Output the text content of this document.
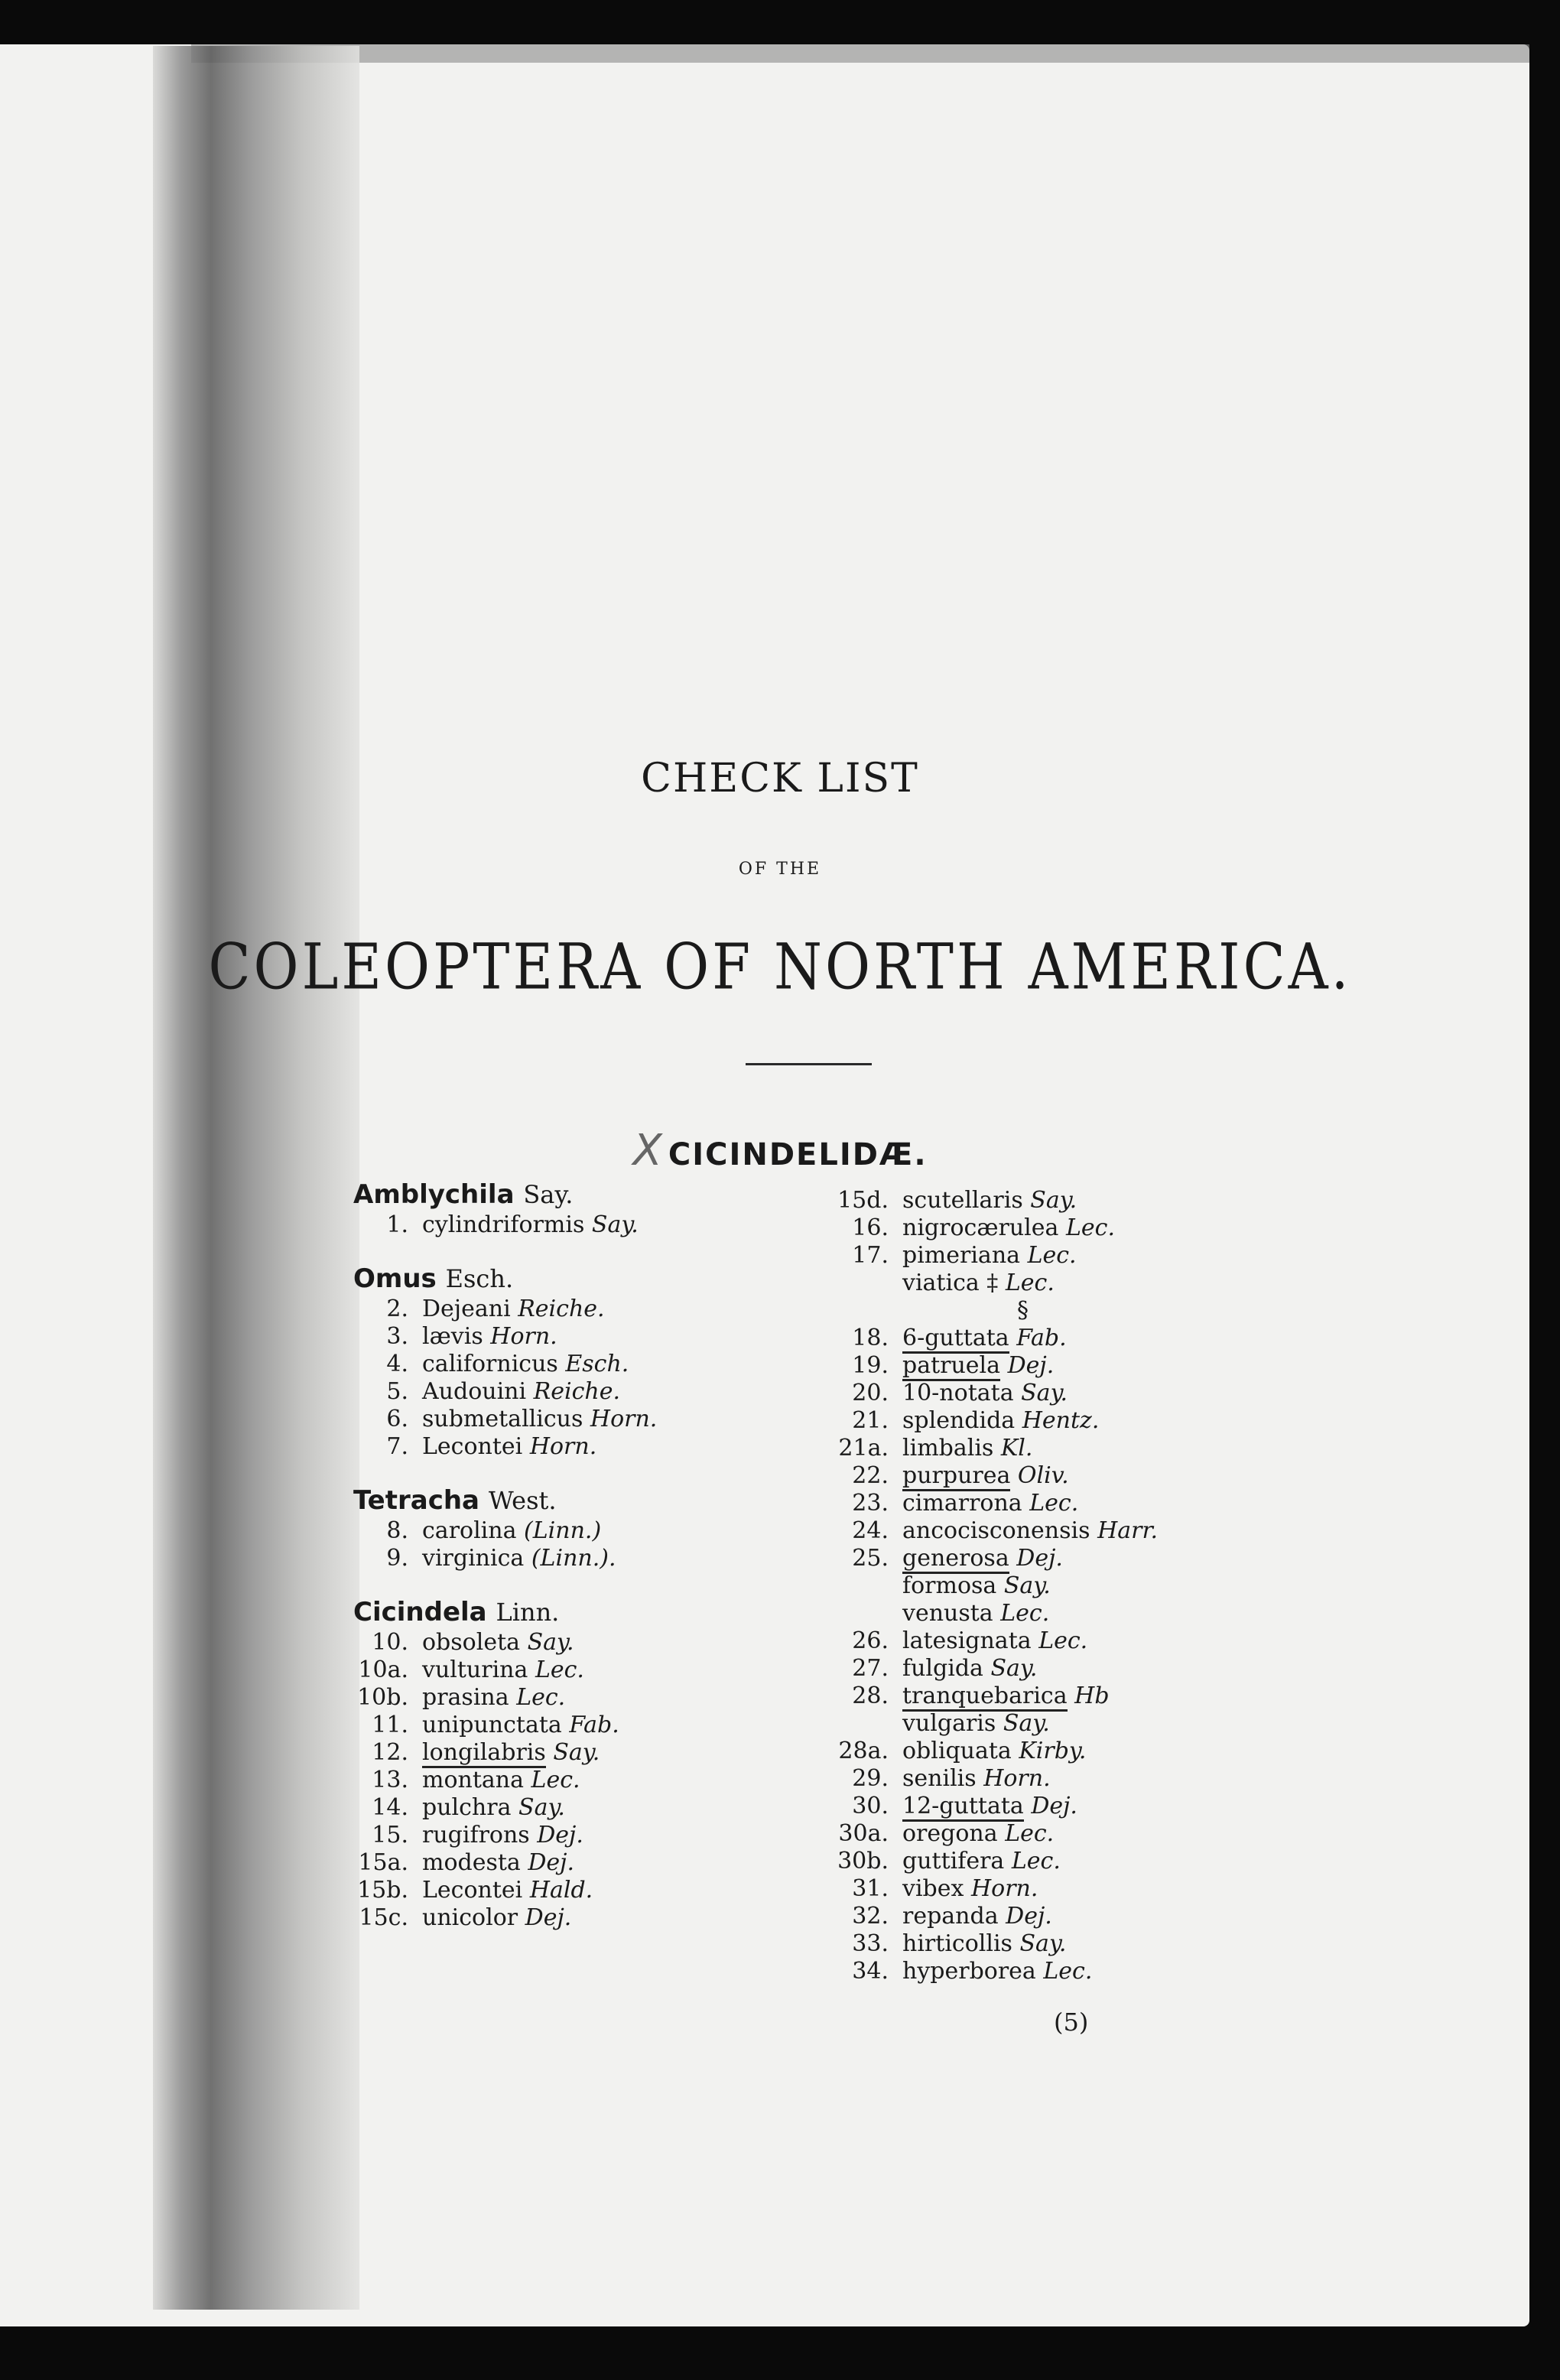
CHECK LIST
OF THE
COLEOPTERA OF NORTH AMERICA.
X CICINDELIDÆ.
Amblychila Say.
1. cylindriformis Say.
Omus Esch.
2. Dejeani Reiche.
3. lævis Horn.
4. californicus Esch.
5. Audouini Reiche.
6. submetallicus Horn.
7. Lecontei Horn.
Tetracha West.
8. carolina (Linn.)
9. virginica (Linn.).
Cicindela Linn.
10. obsoleta Say.
10a. vulturina Lec.
10b. prasina Lec.
11. unipunctata Fab.
12. longilabris Say.
13. montana Lec.
14. pulchra Say.
15. rugifrons Dej.
15a. modesta Dej.
15b. Lecontei Hald.
15c. unicolor Dej.
15d. scutellaris Say.
16. nigrocærulea Lec.
17. pimeriana Lec.
viatica ‡ Lec.
§
18. 6-guttata Fab.
19. patruela Dej.
20. 10-notata Say.
21. splendida Hentz.
21a. limbalis Kl.
22. purpurea Oliv.
23. cimarrona Lec.
24. ancocisconensis Harr.
25. generosa Dej.
formosa Say.
venusta Lec.
26. latesignata Lec.
27. fulgida Say.
28. tranquebarica Hb
vulgaris Say.
28a. obliquata Kirby.
29. senilis Horn.
30. 12-guttata Dej.
30a. oregona Lec.
30b. guttifera Lec.
31. vibex Horn.
32. repanda Dej.
33. hirticollis Say.
34. hyperborea Lec.
(5)
